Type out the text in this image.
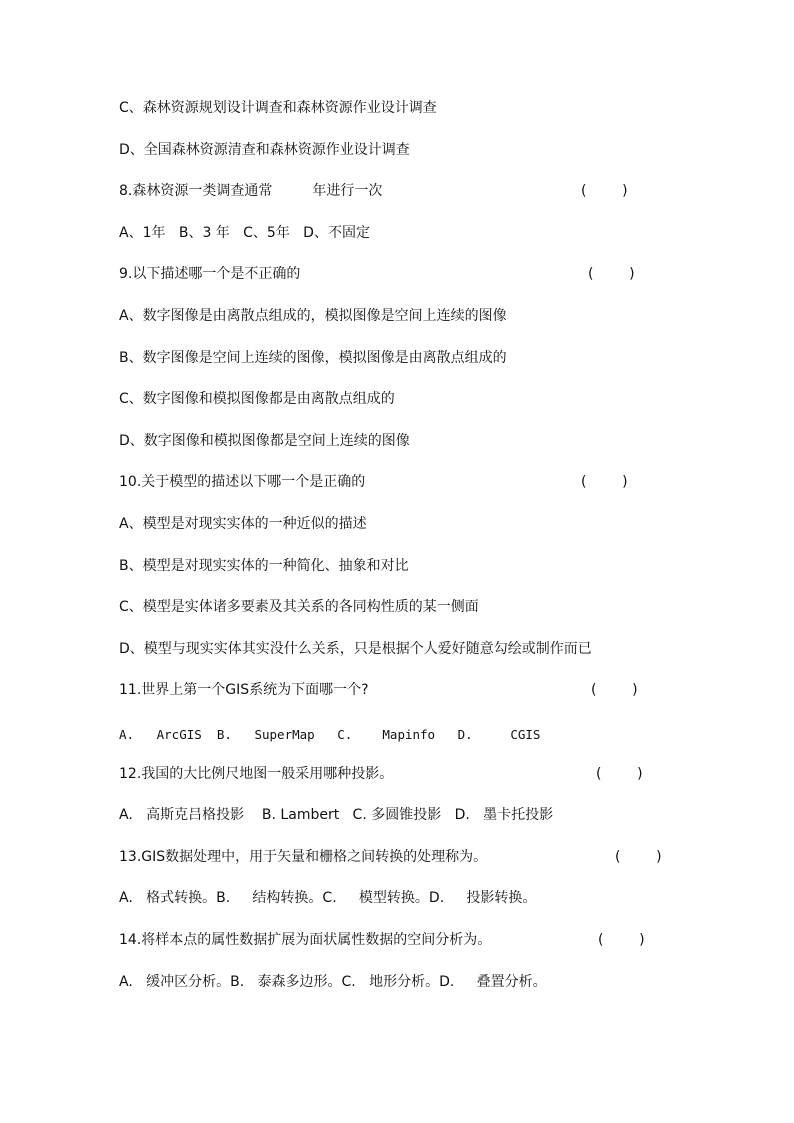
C、森林资源规划设计调查和森林资源作业设计调查
D、全国森林资源清查和森林资源作业设计调查
8.森林资源一类调查通常         年进行一次	(        )
A、1年   B、3 年   C、5年   D、不固定
9.以下描述哪一个是不正确的	(        )
A、数字图像是由离散点组成的，模拟图像是空间上连续的图像
B、数字图像是空间上连续的图像，模拟图像是由离散点组成的
C、数字图像和模拟图像都是由离散点组成的
D、数字图像和模拟图像都是空间上连续的图像
10.关于模型的描述以下哪一个是正确的	(        )
A、模型是对现实实体的一种近似的描述
B、模型是对现实实体的一种简化、抽象和对比
C、模型是实体诸多要素及其关系的各同构性质的某一侧面
D、模型与现实实体其实没什么关系，只是根据个人爱好随意勾绘或制作而已
11.世界上第一个GIS系统为下面哪一个?	(        )
A.   ArcGIS  B.   SuperMap   C.    Mapinfo   D.     CGIS
12.我国的大比例尺地图一般采用哪种投影。	(        )
A.   高斯克吕格投影    B. Lambert   C. 多圆锥投影   D.   墨卡托投影
13.GIS数据处理中，用于矢量和栅格之间转换的处理称为。	(        )
A.   格式转换。B.     结构转换。C.     模型转换。D.     投影转换。
14.将样本点的属性数据扩展为面状属性数据的空间分析为。	(        )
A.   缓冲区分析。B.   泰森多边形。C.   地形分析。D.     叠置分析。
